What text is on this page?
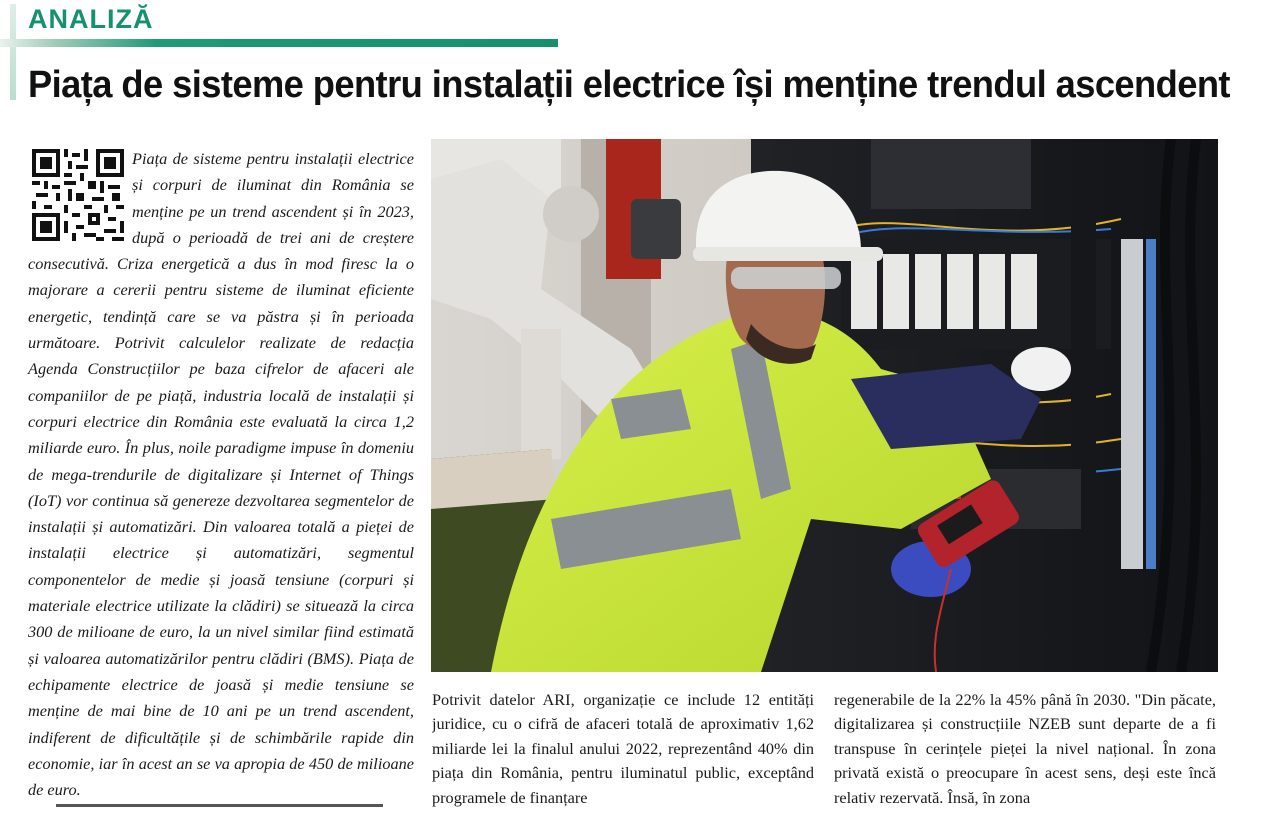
ANALIZĂ
Piața de sisteme pentru instalații electrice își menține trendul ascendent

Piața de sisteme pentru instalații electrice și corpuri de iluminat din România se menține pe un trend ascendent și în 2023, după o perioadă de trei ani de creștere consecutivă. Criza energetică a dus în mod firesc la o majorare a cererii pentru sisteme de iluminat eficiente energetic, tendință care se va păstra și în perioada următoare. Potrivit calculelor realizate de redacția Agenda Construcțiilor pe baza cifrelor de afaceri ale companiilor de pe piață, industria locală de instalații și corpuri electrice din România este evaluată la circa 1,2 miliarde euro. În plus, noile paradigme impuse în domeniu de mega-trendurile de digitalizare și Internet of Things (IoT) vor continua să genereze dezvoltarea segmentelor de instalații și automatizări. Din valoarea totală a pieței de instalații electrice și automatizări, segmentul componentelor de medie și joasă tensiune (corpuri și materiale electrice utilizate la clădiri) se situează la circa 300 de milioane de euro, la un nivel similar fiind estimată și valoarea automatizărilor pentru clădiri (BMS). Piața de echipamente electrice de joasă și medie tensiune se menține de mai bine de 10 ani pe un trend ascendent, indiferent de dificultățile și de schimbările rapide din economie, iar în acest an se va apropia de 450 de milioane de euro.

Potrivit datelor ARI, organizație ce include 12 entități juridice, cu o cifră de afaceri totală de aproximativ 1,62 miliarde lei la finalul anului 2022, reprezentând 40% din piața din România, pentru iluminatul public, exceptând programele de finanțare

regenerabile de la 22% la 45% până în 2030. "Din păcate, digitalizarea și construcțiile NZEB sunt departe de a fi transpuse în cerințele pieței la nivel național. În zona privată există o preocupare în acest sens, deși este încă relativ rezervată. Însă, în zona
